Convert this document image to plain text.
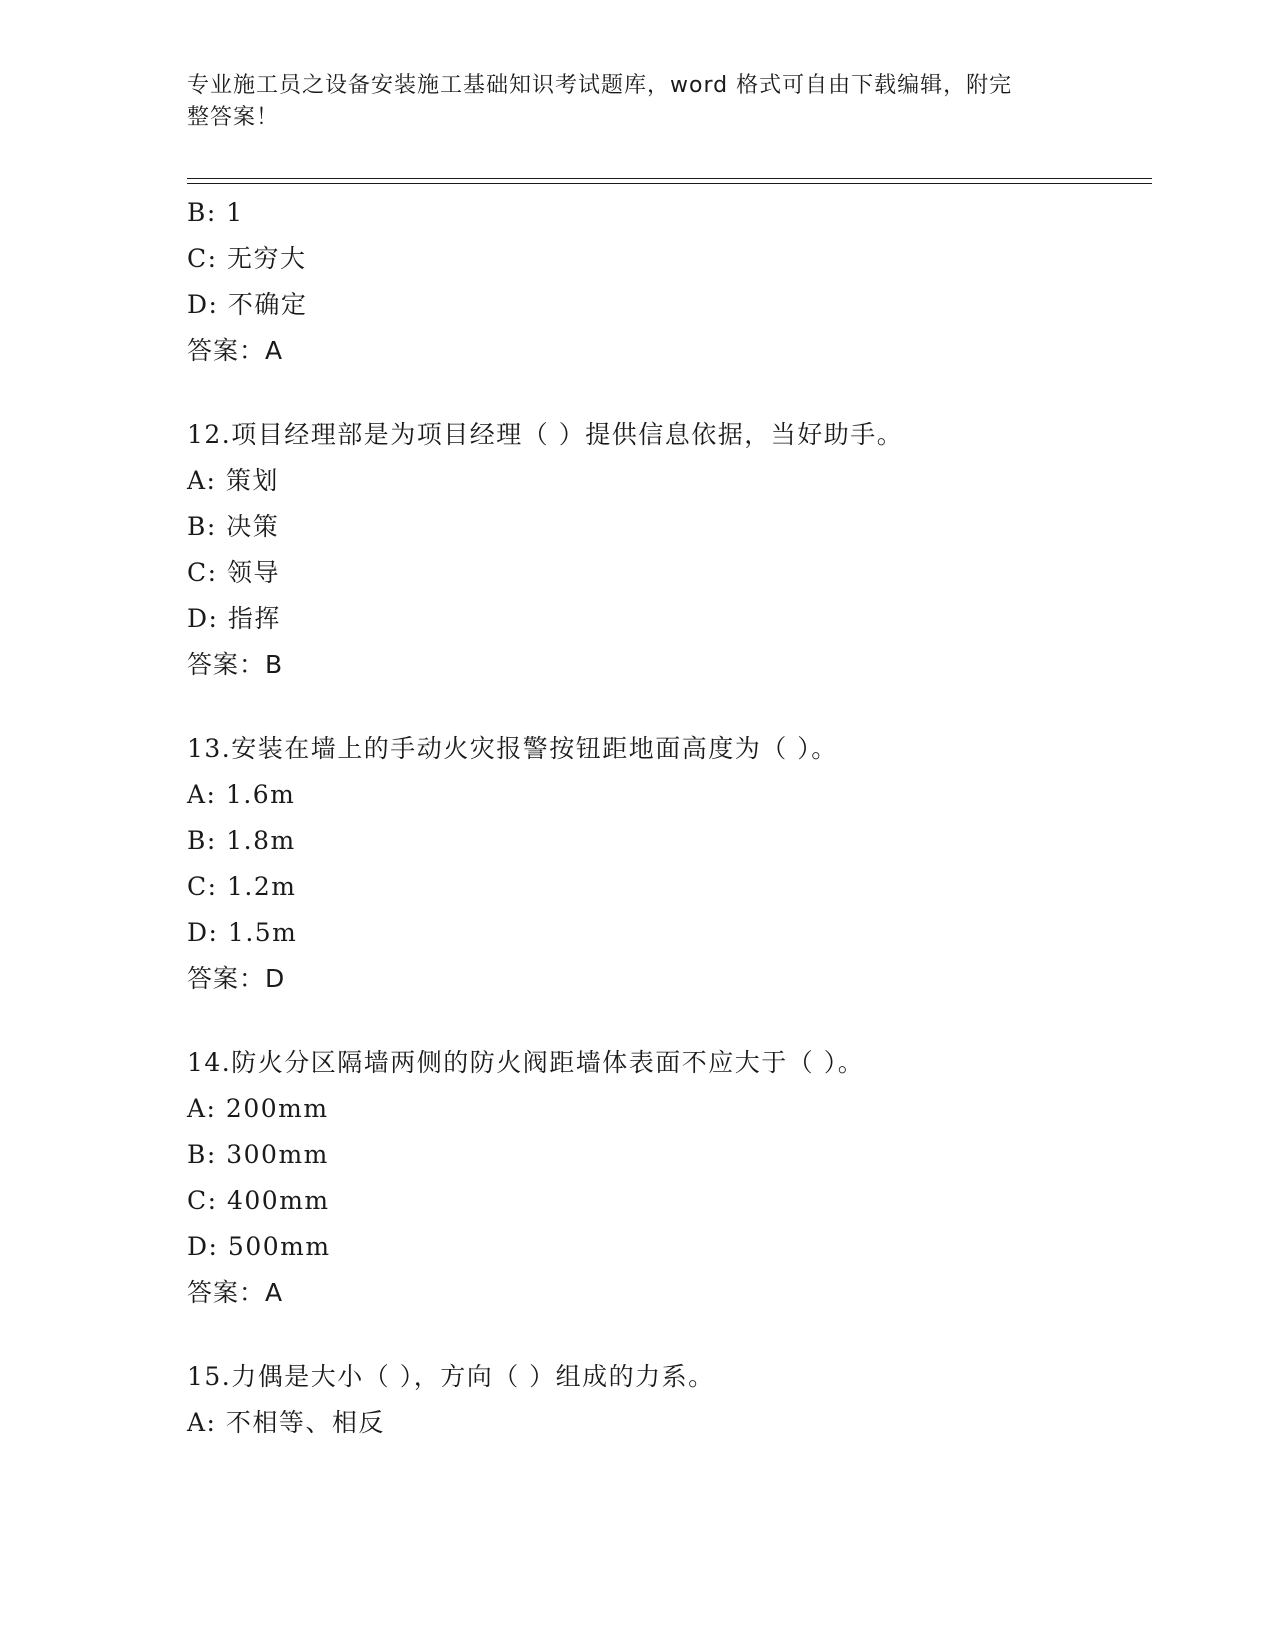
专业施工员之设备安装施工基础知识考试题库，word 格式可自由下载编辑，附完
整答案！
B: 1
C: 无穷大
D: 不确定
答案：A
12.项目经理部是为项目经理（ ）提供信息依据，当好助手。
A: 策划
B: 决策
C: 领导
D: 指挥
答案：B
13.安装在墙上的手动火灾报警按钮距地面高度为（ ）。
A: 1.6m
B: 1.8m
C: 1.2m
D: 1.5m
答案：D
14.防火分区隔墙两侧的防火阀距墙体表面不应大于（ ）。
A: 200mm
B: 300mm
C: 400mm
D: 500mm
答案：A
15.力偶是大小（ ），方向（ ）组成的力系。
A: 不相等、相反
